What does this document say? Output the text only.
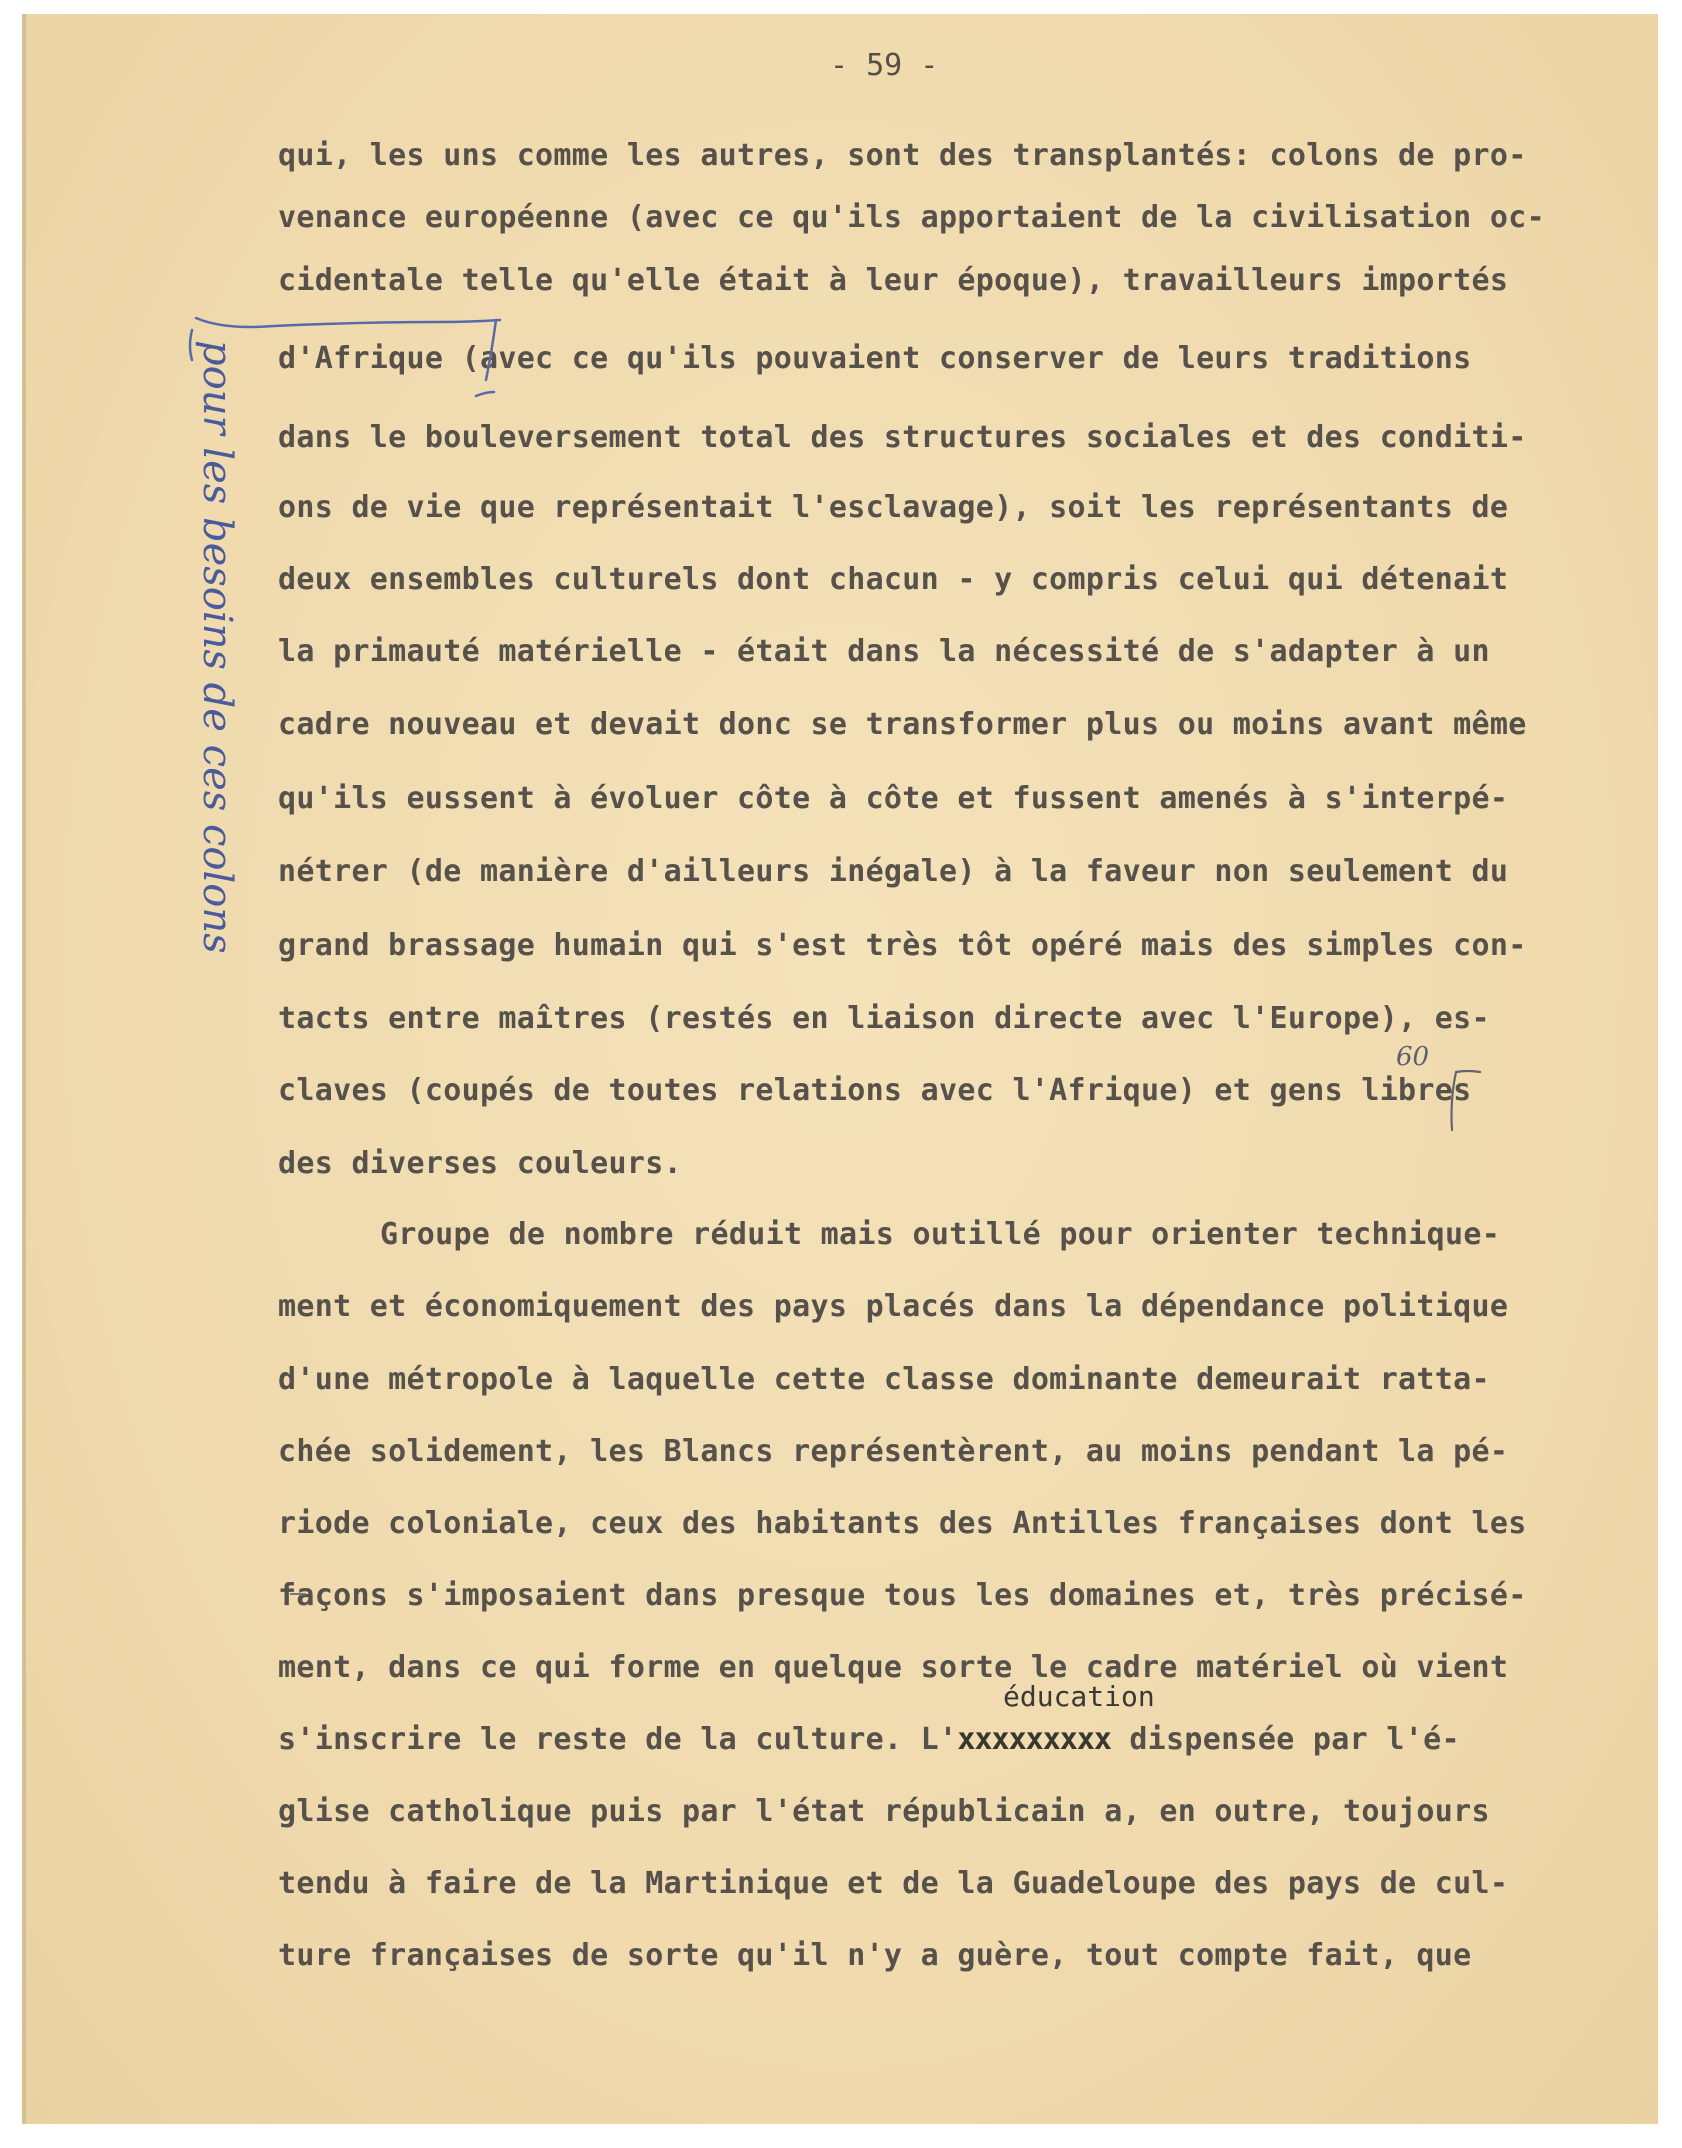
- 59 -
qui, les uns comme les autres, sont des transplantés: colons de pro-
venance européenne (avec ce qu'ils apportaient de la civilisation oc-
cidentale telle qu'elle était à leur époque), travailleurs importés
d'Afrique (avec ce qu'ils pouvaient conserver de leurs traditions
dans le bouleversement total des structures sociales et des conditi-
ons de vie que représentait l'esclavage), soit les représentants de
deux ensembles culturels dont chacun - y compris celui qui détenait
la primauté matérielle - était dans la nécessité de s'adapter à un
cadre nouveau et devait donc se transformer plus ou moins avant même
qu'ils eussent à évoluer côte à côte et fussent amenés à s'interpé-
nétrer (de manière d'ailleurs inégale) à la faveur non seulement du
grand brassage humain qui s'est très tôt opéré mais des simples con-
tacts entre maîtres (restés en liaison directe avec l'Europe), es-
claves (coupés de toutes relations avec l'Afrique) et gens libres
des diverses couleurs.
Groupe de nombre réduit mais outillé pour orienter technique-
ment et économiquement des pays placés dans la dépendance politique
d'une métropole à laquelle cette classe dominante demeurait ratta-
chée solidement, les Blancs représentèrent, au moins pendant la pé-
riode coloniale, ceux des habitants des Antilles françaises dont les
façons s'imposaient dans presque tous les domaines et, très précisé-
ment, dans ce qui forme en quelque sorte le cadre matériel où vient
éducation
s'inscrire le reste de la culture. L'xxxxxxxxx dispensée par l'é-
glise catholique puis par l'état républicain a, en outre, toujours
tendu à faire de la Martinique et de la Guadeloupe des pays de cul-
ture françaises de sorte qu'il n'y a guère, tout compte fait, que
pour les besoins de ces colons
60
